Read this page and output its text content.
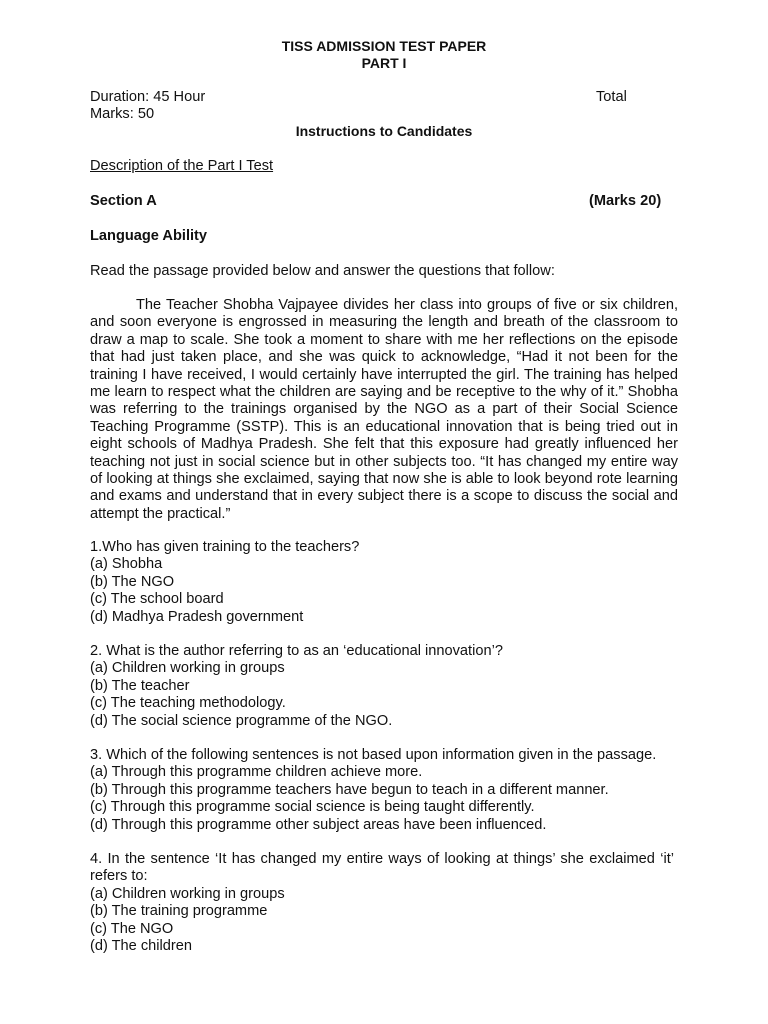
TISS ADMISSION TEST PAPER
PART I
Duration: 45 Hour	Total
Marks: 50
Instructions to Candidates
Description of the Part I Test
Section A	(Marks 20)
Language Ability
Read the passage provided below and answer the questions that follow:
The Teacher Shobha Vajpayee divides her class into groups of five or six children, and soon everyone is engrossed in measuring the length and breath of the classroom to draw a map to scale. She took a moment to share with me her reflections on the episode that had just taken place, and she was quick to acknowledge, “Had it not been for the training I have received, I would certainly have interrupted the girl. The training has helped me learn to respect what the children are saying and be receptive to the why of it.” Shobha was referring to the trainings organised by the NGO as a part of their Social Science Teaching Programme (SSTP). This is an educational innovation that is being tried out in eight schools of Madhya Pradesh. She felt that this exposure had greatly influenced her teaching not just in social science but in other subjects too. “It has changed my entire way of looking at things she exclaimed, saying that now she is able to look beyond rote learning and exams and understand that in every subject there is a scope to discuss the social and attempt the practical.”
1.Who has given training to the teachers?
(a) Shobha
(b) The NGO
(c) The school board
(d) Madhya Pradesh government
2. What is the author referring to as an ‘educational innovation’?
(a) Children working in groups
(b) The teacher
(c) The teaching methodology.
(d) The social science programme of the NGO.
3. Which of the following sentences is not based upon information given in the passage.
(a) Through this programme children achieve more.
(b) Through this programme teachers have begun to teach in a different manner.
(c) Through this programme social science is being taught differently.
(d) Through this programme other subject areas have been influenced.
4. In the sentence ‘It has changed my entire ways of looking at things’ she exclaimed ‘it’ refers to:
(a) Children working in groups
(b) The training programme
(c) The NGO
(d) The children
